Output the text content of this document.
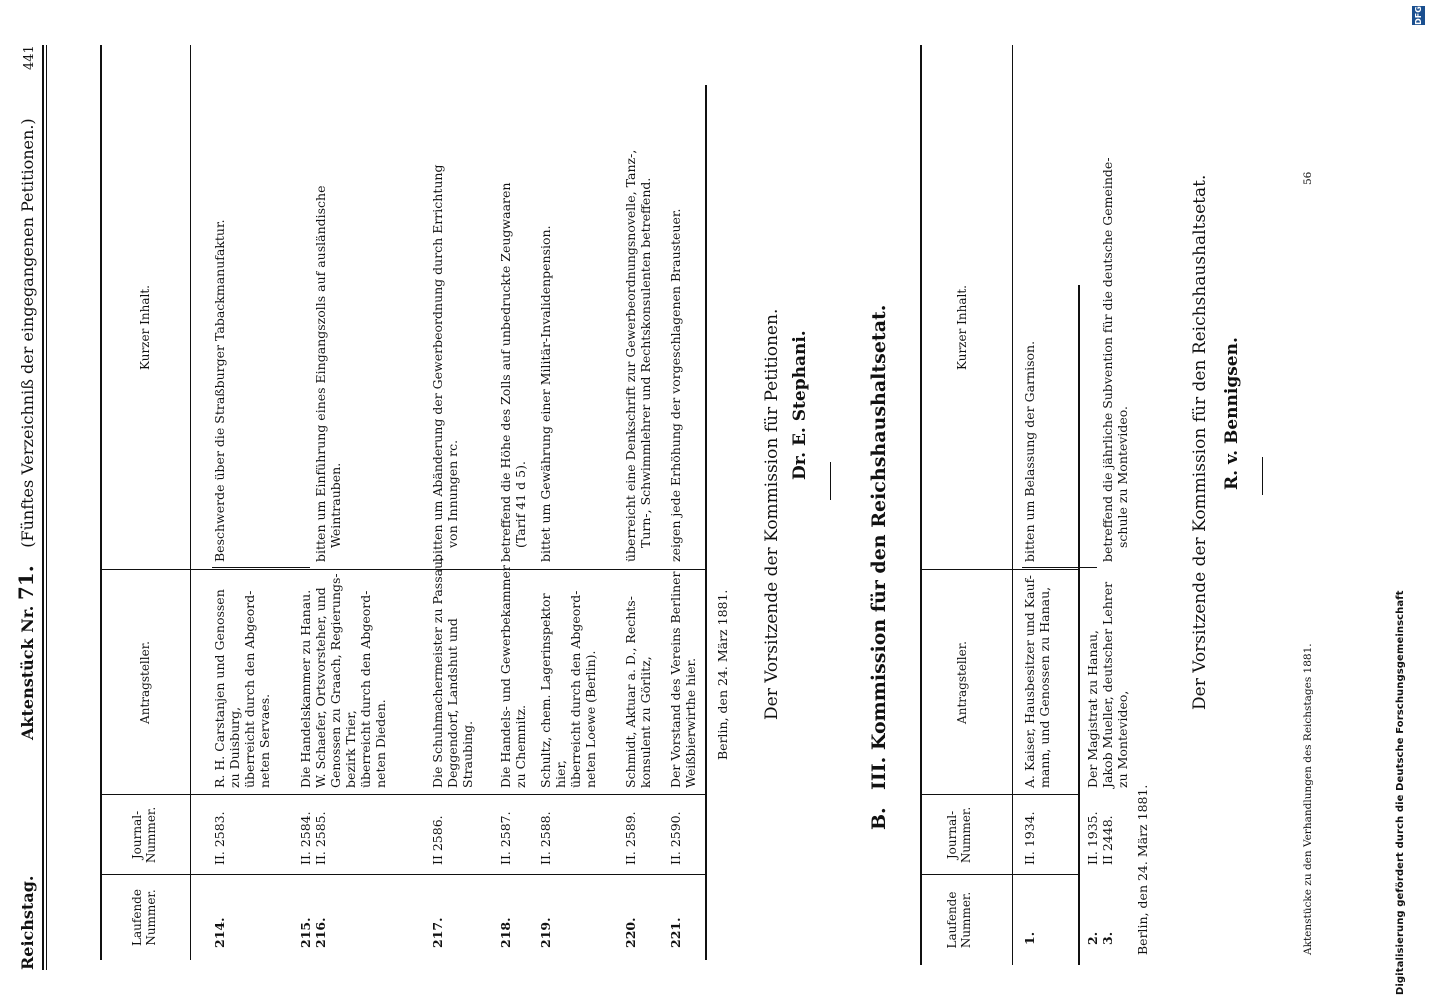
Reichstag.
Aktenstück Nr. 71. (Fünftes Verzeichniß der eingegangenen Petitionen.)
441
Laufende Nummer.
Journal-Nummer.
Antragsteller.
Kurzer Inhalt.
214.
II. 2583.
R. H. Carstanjen und Genossen zu Duisburg, überreicht durch den Abgeord- neten Servaes.
Beschwerde über die Straßburger Tabackmanufaktur.
215.
II. 2584.
Die Handelskammer zu Hanau.
216.
II. 2585.
W. Schaefer, Ortsvorsteher, und Genossen zu Graach, Regierungs- bezirk Trier, überreicht durch den Abgeord- neten Dieden.
bitten um Einführung eines Eingangszolls auf ausländische Weintrauben.
217.
II 2586.
Die Schuhmachermeister zu Passau, Deggendorf, Landshut und Straubing.
bitten um Abänderung der Gewerbeordnung durch Errichtung von Innungen rc.
218.
II. 2587.
Die Handels- und Gewerbekammer zu Chemnitz.
betreffend die Höhe des Zolls auf unbedruckte Zeugwaaren (Tarif 41 d 5).
219.
II. 2588.
Schultz, chem. Lagerinspektor hier, überreicht durch den Abgeord- neten Loewe (Berlin).
bittet um Gewährung einer Militär-Invalidenpension.
220.
II. 2589.
Schmidt, Aktuar a. D., Rechts- konsulent zu Görlitz,
überreicht eine Denkschrift zur Gewerbeordnungsnovelle, Tanz-, Turn-, Schwimmlehrer und Rechtskonsulenten betreffend.
221.
II. 2590.
Der Vorstand des Vereins Berliner Weißbierwirthe hier.
zeigen jede Erhöhung der vorgeschlagenen Brausteuer.
Berlin, den 24. März 1881. Der Vorsitzende der Kommission für Petitionen. Dr. E. Stephani.
B.
III. Kommission für den Reichshaushaltsetat.
Laufende Nummer.
Journal-Nummer.
Antragsteller.
Kurzer Inhalt.
1.
II. 1934.
A. Kaiser, Hausbesitzer und Kauf- mann, und Genossen zu Hanau,
bitten um Belassung der Garnison.
2.
II. 1935.
Der Magistrat zu Hanau,
3.
II 2448.
Jakob Mueller, deutscher Lehrer zu Montevideo,
betreffend die jährliche Subvention für die deutsche Gemeinde- schule zu Montevideo.
Berlin, den 24. März 1881.
Der Vorsitzende der Kommission für den Reichshaushaltsetat. R. v. Bennigsen.
Aktenstücke zu den Verhandlungen des Reichstages 1881.
56
Digitalisierung gefördert durch die Deutsche Forschungsgemeinschaft
DFG
